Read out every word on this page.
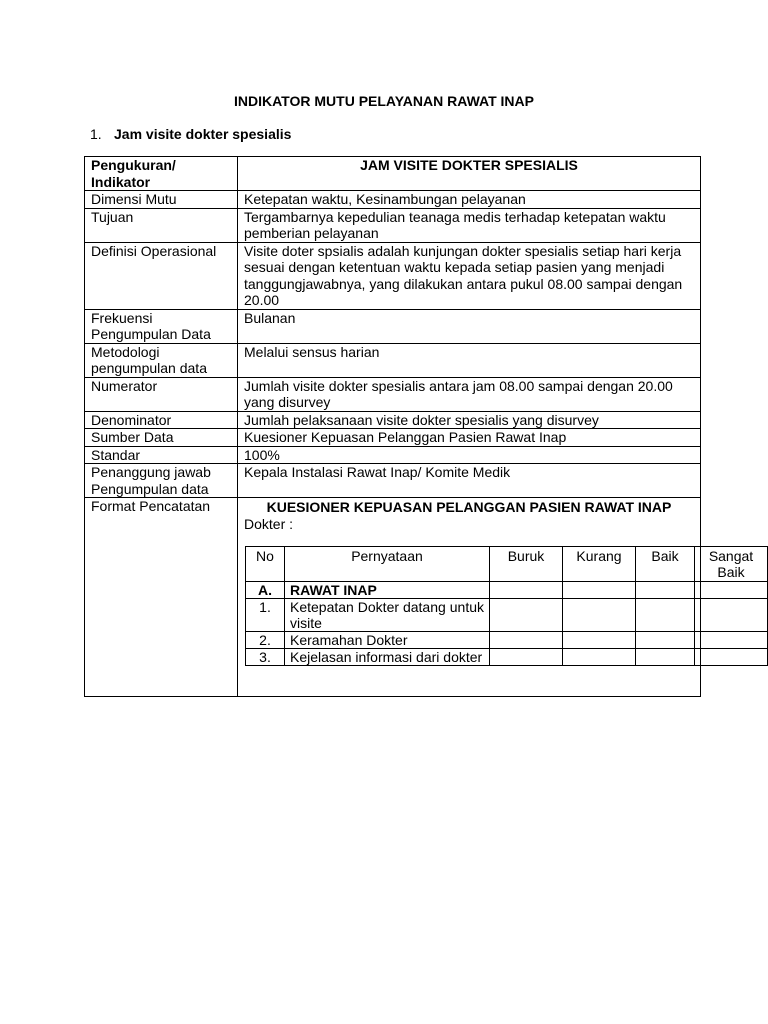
INDIKATOR MUTU PELAYANAN RAWAT INAP
1. Jam visite dokter spesialis
Pengukuran/ Indikator	JAM VISITE DOKTER SPESIALIS
Dimensi Mutu	Ketepatan waktu, Kesinambungan pelayanan
Tujuan	Tergambarnya kepedulian teanaga medis terhadap ketepatan waktu pemberian pelayanan
Definisi Operasional	Visite doter spsialis adalah kunjungan dokter spesialis setiap hari kerja sesuai dengan ketentuan waktu kepada setiap pasien yang menjadi tanggungjawabnya, yang dilakukan antara pukul 08.00 sampai dengan 20.00
Frekuensi Pengumpulan Data	Bulanan
Metodologi pengumpulan data	Melalui sensus harian
Numerator	Jumlah visite dokter spesialis antara jam 08.00 sampai dengan 20.00 yang disurvey
Denominator	Jumlah pelaksanaan visite dokter spesialis yang disurvey
Sumber Data	Kuesioner Kepuasan Pelanggan Pasien Rawat Inap
Standar	100%
Penanggung jawab Pengumpulan data	Kepala Instalasi Rawat Inap/ Komite Medik
Format Pencatatan	KUESIONER KEPUASAN PELANGGAN PASIEN RAWAT INAP
Dokter :
No	Pernyataan	Buruk	Kurang	Baik	Sangat Baik
A.	RAWAT INAP				
1.	Ketepatan Dokter datang untuk visite				
2.	Keramahan Dokter				
3.	Kejelasan informasi dari dokter				
